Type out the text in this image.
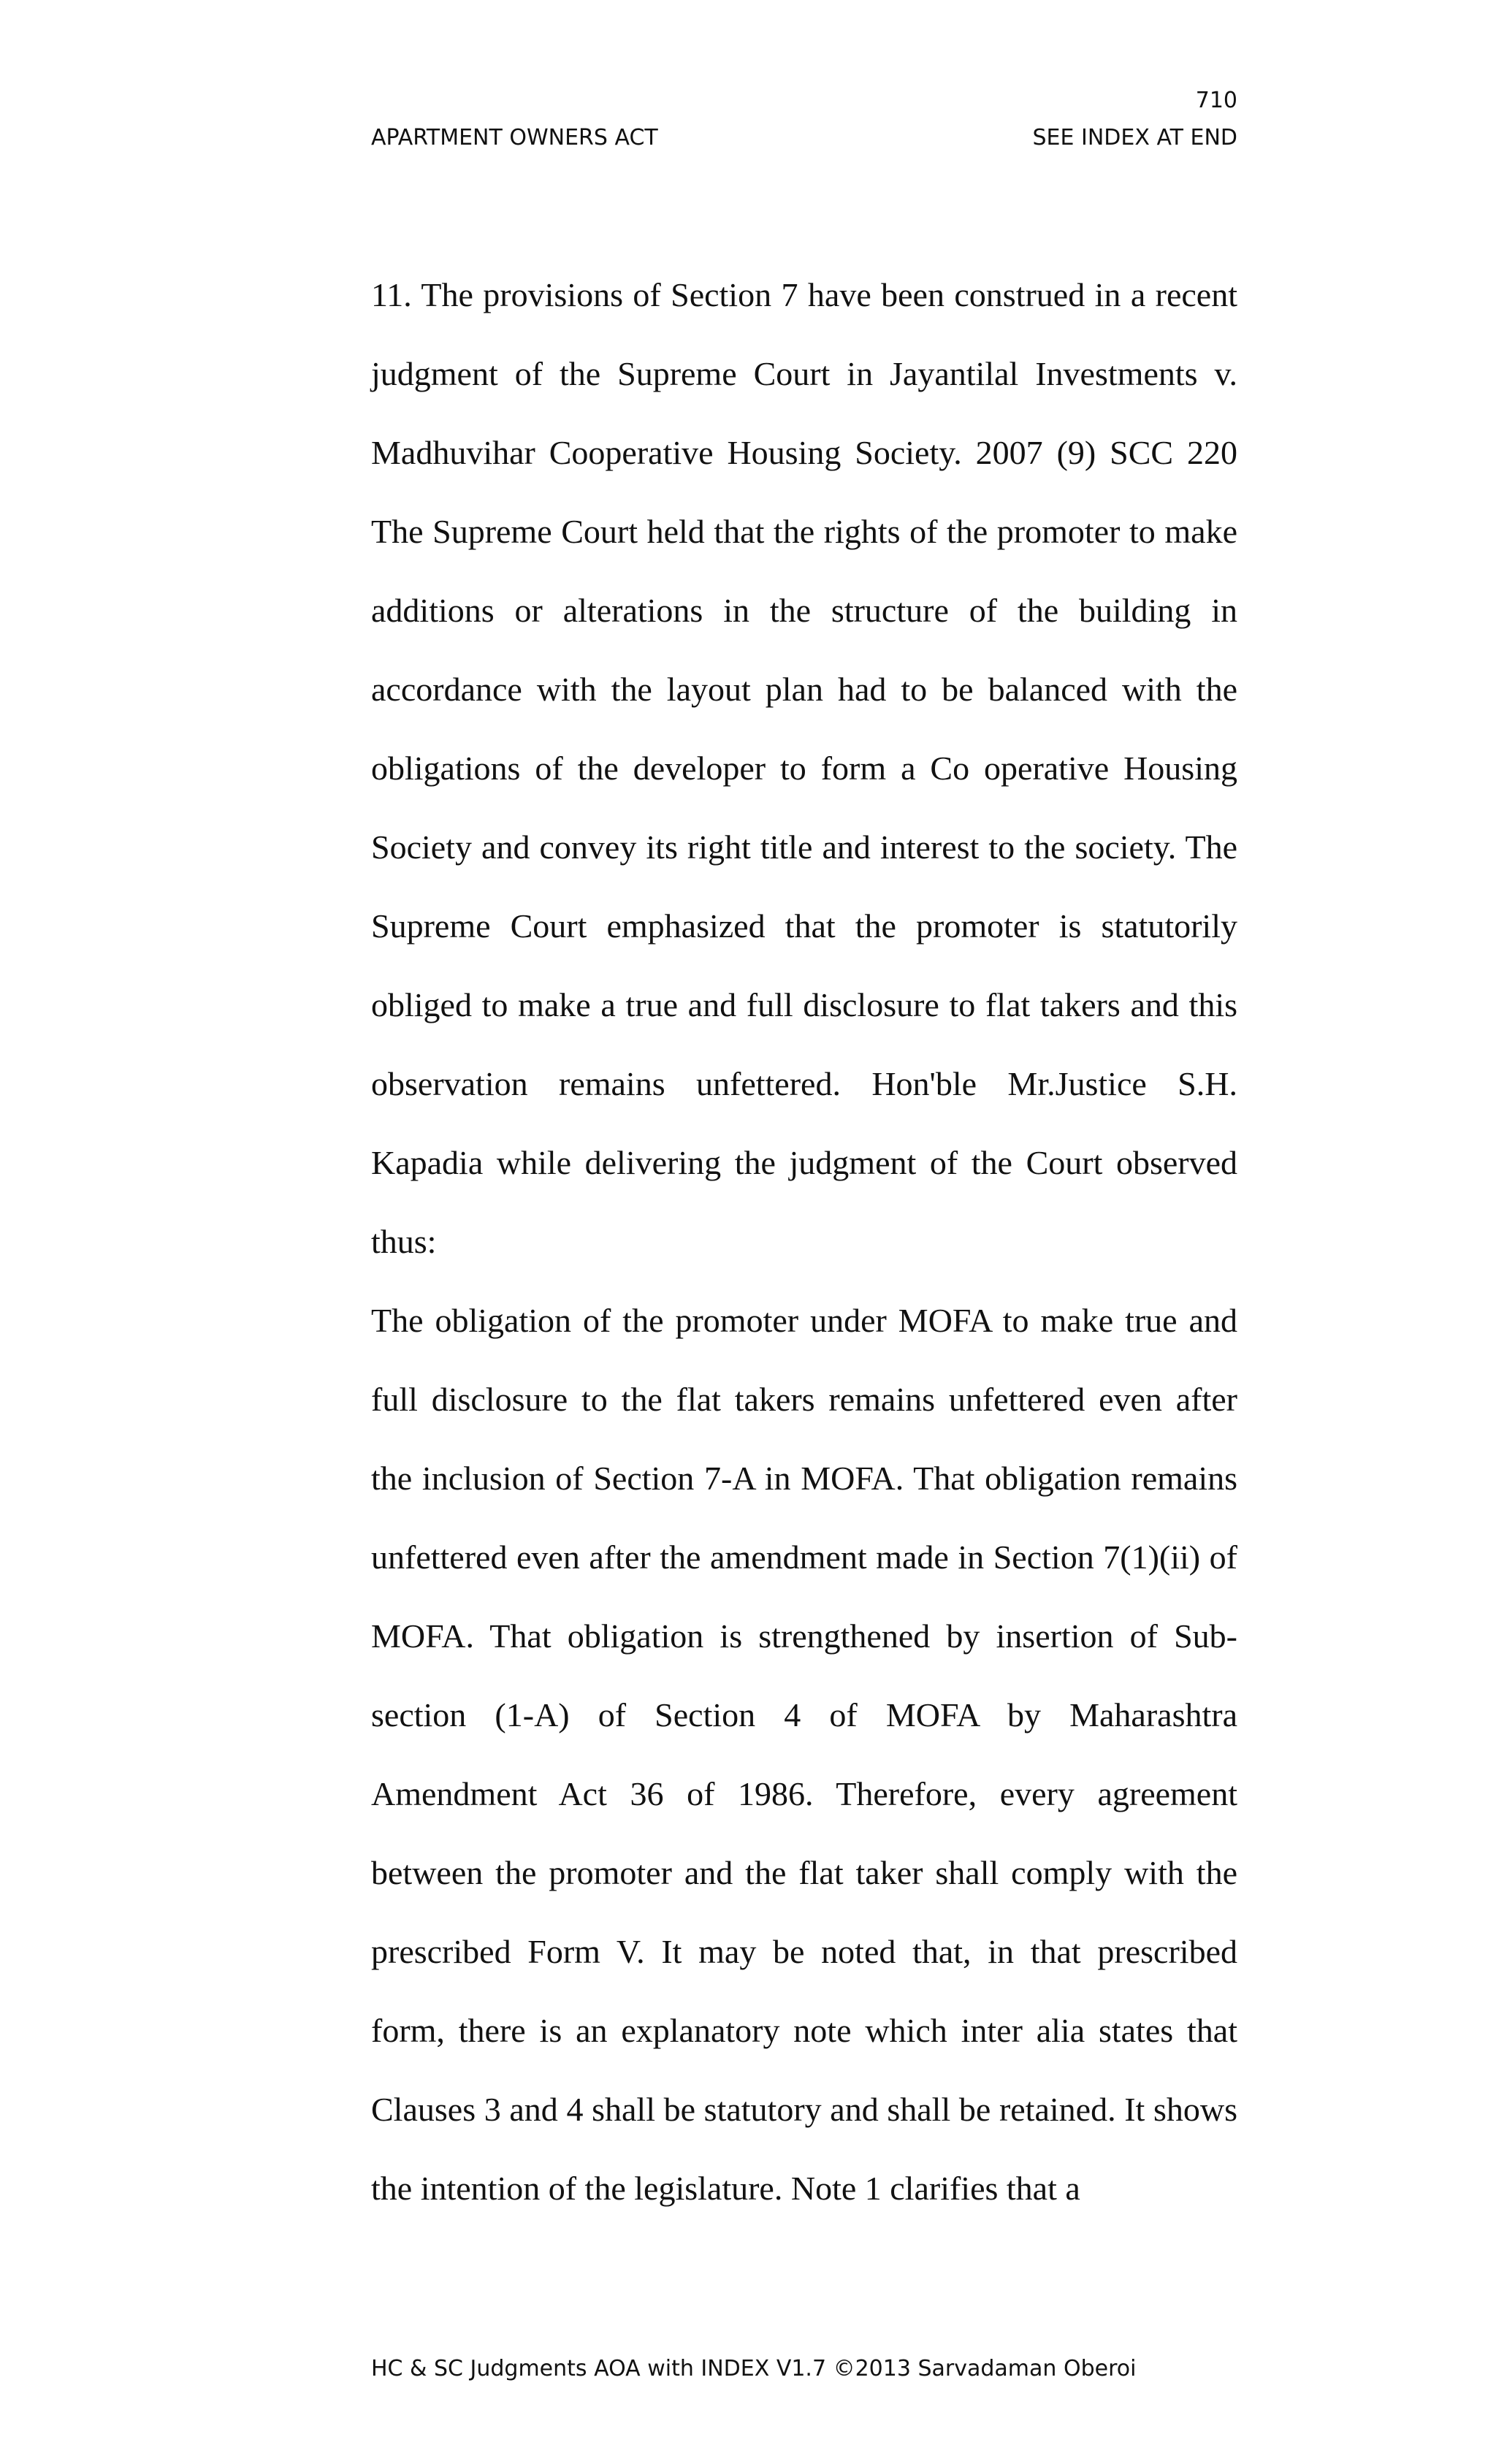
710
APARTMENT OWNERS ACT	SEE INDEX AT END

11. The provisions of Section 7 have been construed in a recent judgment of the Supreme Court in Jayantilal Investments v. Madhuvihar Cooperative Housing Society. 2007 (9) SCC 220 The Supreme Court held that the rights of the promoter to make additions or alterations in the structure of the building in accordance with the layout plan had to be balanced with the obligations of the developer to form a Co operative Housing Society and convey its right title and interest to the society. The Supreme Court emphasized that the promoter is statutorily obliged to make a true and full disclosure to flat takers and this observation remains unfettered. Hon'ble Mr.Justice S.H. Kapadia while delivering the judgment of the Court observed thus:

The obligation of the promoter under MOFA to make true and full disclosure to the flat takers remains unfettered even after the inclusion of Section 7-A in MOFA. That obligation remains unfettered even after the amendment made in Section 7(1)(ii) of MOFA. That obligation is strengthened by insertion of Sub-section (1-A) of Section 4 of MOFA by Maharashtra Amendment Act 36 of 1986. Therefore, every agreement between the promoter and the flat taker shall comply with the prescribed Form V. It may be noted that, in that prescribed form, there is an explanatory note which inter alia states that Clauses 3 and 4 shall be statutory and shall be retained. It shows the intention of the legislature. Note 1 clarifies that a

HC & SC Judgments AOA with INDEX V1.7 ©2013 Sarvadaman Oberoi
